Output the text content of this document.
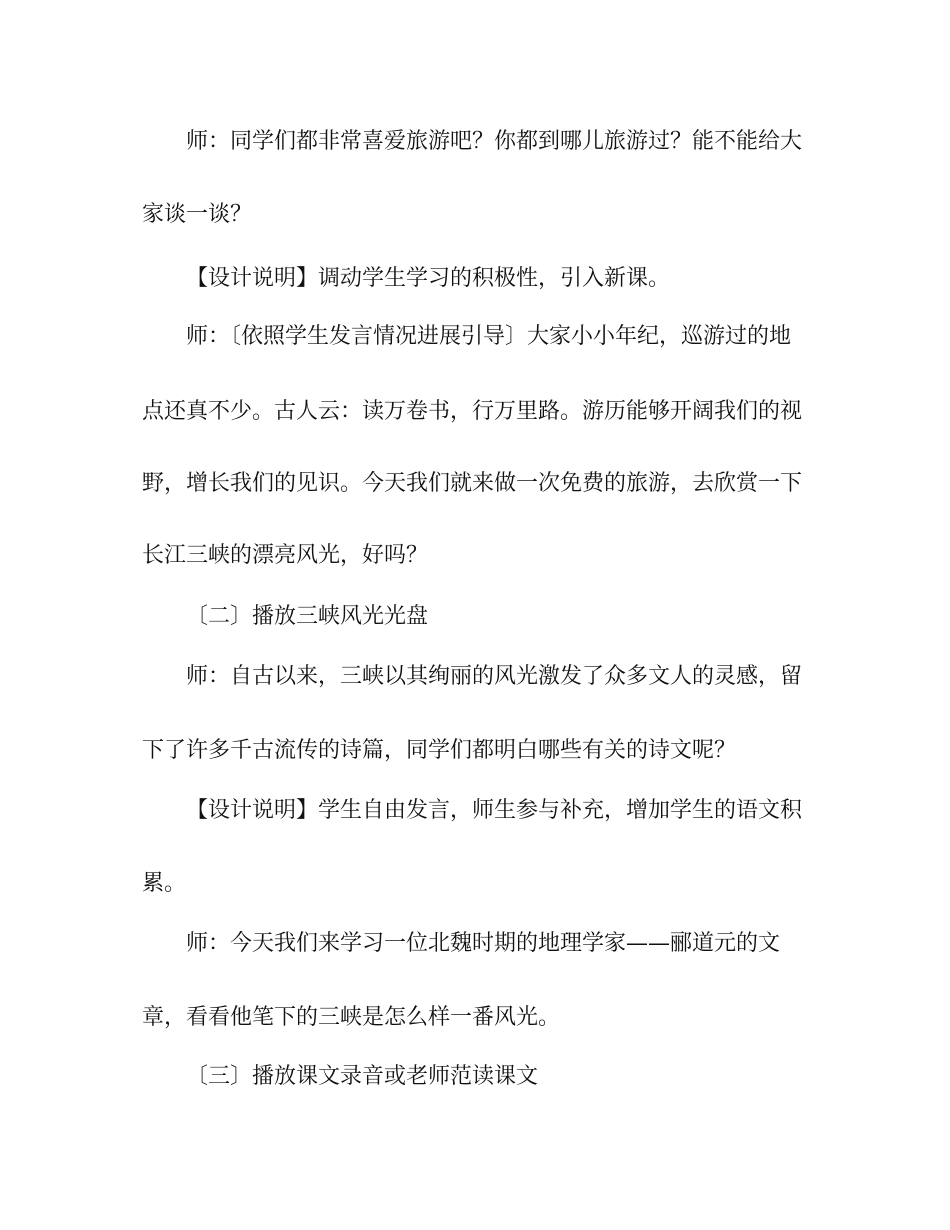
师：同学们都非常喜爱旅游吧？你都到哪儿旅游过？能不能给大

家谈一谈？

【设计说明】调动学生学习的积极性，引入新课。

师：〔依照学生发言情况进展引导〕大家小小年纪，巡游过的地

点还真不少。古人云：读万卷书，行万里路。游历能够开阔我们的视

野，增长我们的见识。今天我们就来做一次免费的旅游，去欣赏一下

长江三峡的漂亮风光，好吗？

〔二〕播放三峡风光光盘

师：自古以来，三峡以其绚丽的风光激发了众多文人的灵感，留

下了许多千古流传的诗篇，同学们都明白哪些有关的诗文呢？

【设计说明】学生自由发言，师生参与补充，增加学生的语文积

累。

师：今天我们来学习一位北魏时期的地理学家——郦道元的文

章，看看他笔下的三峡是怎么样一番风光。

〔三〕播放课文录音或老师范读课文
